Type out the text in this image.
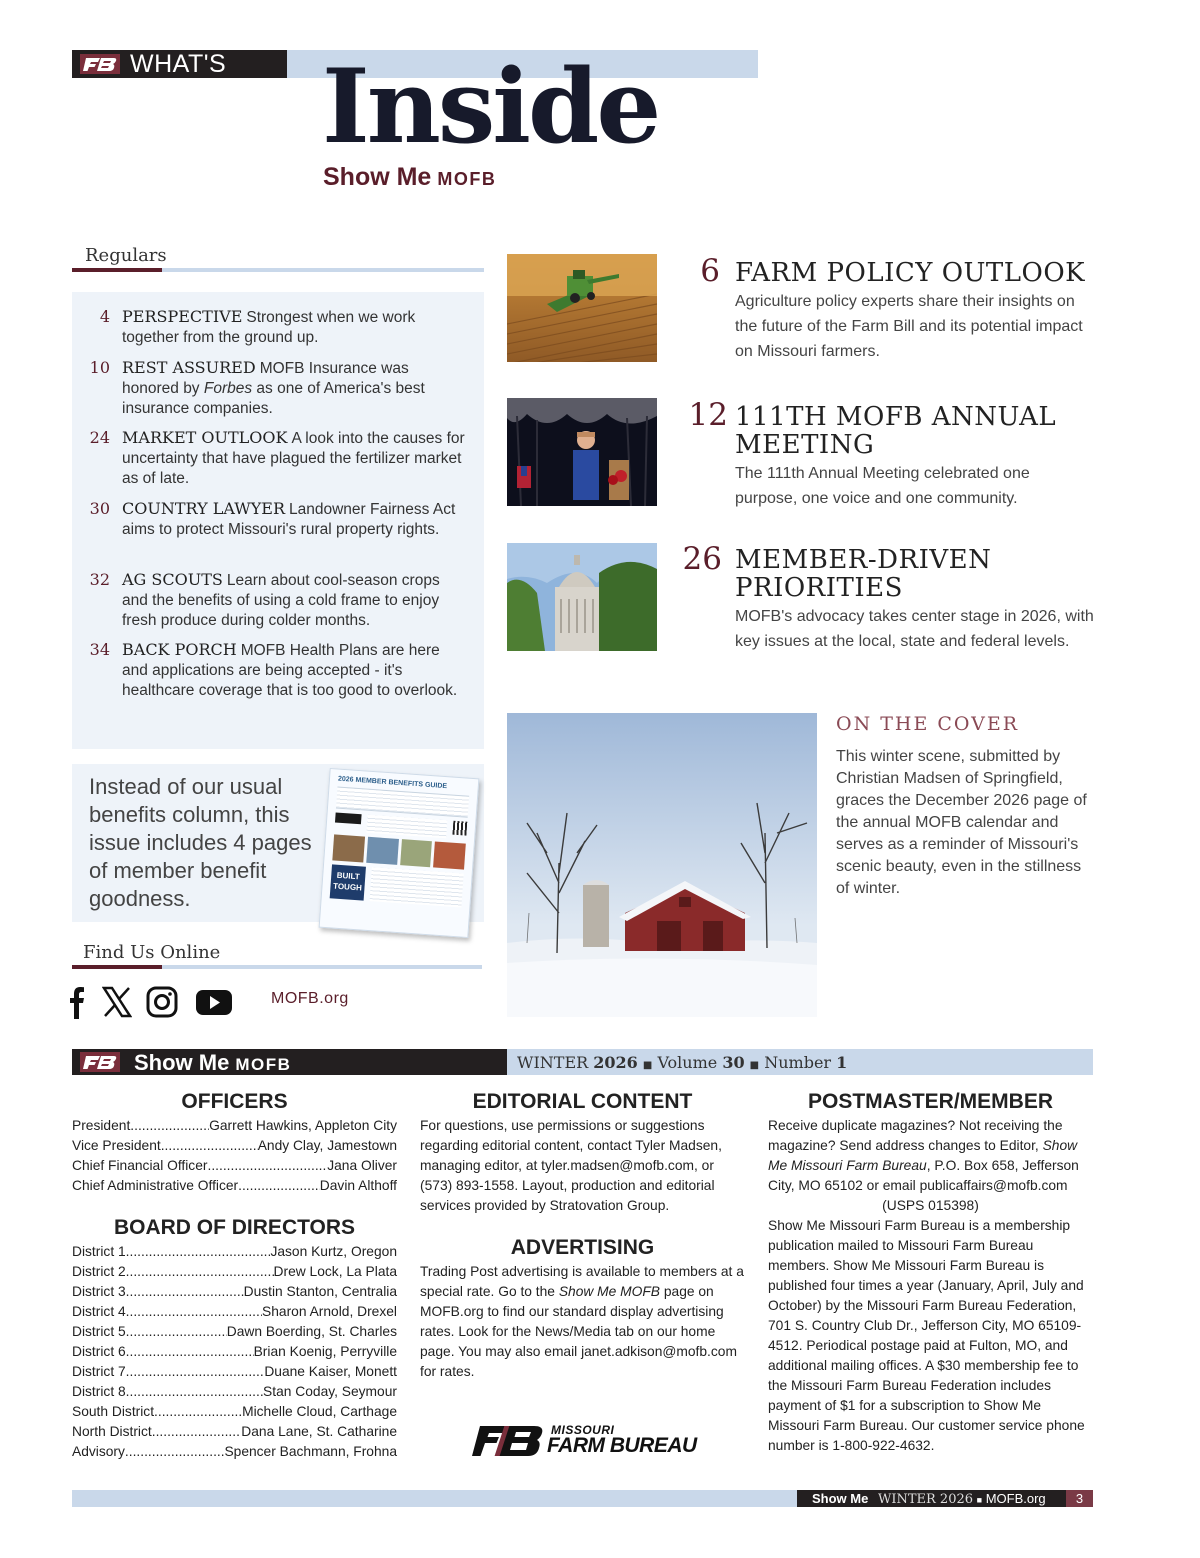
WHAT'S Inside
Show Me MOFB
Regulars
4 PERSPECTIVE Strongest when we work together from the ground up.
10 REST ASSURED MOFB Insurance was honored by Forbes as one of America's best insurance companies.
24 MARKET OUTLOOK A look into the causes for uncertainty that have plagued the fertilizer market as of late.
30 COUNTRY LAWYER Landowner Fairness Act aims to protect Missouri's rural property rights.
32 AG SCOUTS Learn about cool-season crops and the benefits of using a cold frame to enjoy fresh produce during colder months.
34 BACK PORCH MOFB Health Plans are here and applications are being accepted - it's healthcare coverage that is too good to overlook.
Instead of our usual benefits column, this issue includes 4 pages of member benefit goodness.
2026 MEMBER BENEFITS GUIDE
BUILT
TOUGH
Find Us Online
MOFB.org
6 FARM POLICY OUTLOOK
Agriculture policy experts share their insights on the future of the Farm Bill and its potential impact on Missouri farmers.
12 111TH MOFB ANNUAL MEETING
The 111th Annual Meeting celebrated one purpose, one voice and one community.
26 MEMBER-DRIVEN PRIORITIES
MOFB's advocacy takes center stage in 2026, with key issues at the local, state and federal levels.
ON THE COVER
This winter scene, submitted by Christian Madsen of Springfield, graces the December 2026 page of the annual MOFB calendar and serves as a reminder of Missouri's scenic beauty, even in the stillness of winter.
Show Me MOFB	WINTER 2026 ■ Volume 30 ■ Number 1
OFFICERS
President .....	Garrett Hawkins, Appleton City
Vice President .....	Andy Clay, Jamestown
Chief Financial Officer .....	Jana Oliver
Chief Administrative Officer .....	Davin Althoff
BOARD OF DIRECTORS
District 1 .....	Jason Kurtz, Oregon
District 2 .....	Drew Lock, La Plata
District 3 .....	Dustin Stanton, Centralia
District 4 .....	Sharon Arnold, Drexel
District 5 .....	Dawn Boerding, St. Charles
District 6 .....	Brian Koenig, Perryville
District 7 .....	Duane Kaiser, Monett
District 8 .....	Stan Coday, Seymour
South District .....	Michelle Cloud, Carthage
North District .....	Dana Lane, St. Catharine
Advisory .....	Spencer Bachmann, Frohna
EDITORIAL CONTENT
For questions, use permissions or suggestions regarding editorial content, contact Tyler Madsen, managing editor, at tyler.madsen@mofb.com, or (573) 893-1558. Layout, production and editorial services provided by Stratovation Group.
ADVERTISING
Trading Post advertising is available to members at a special rate. Go to the Show Me MOFB page on MOFB.org to find our standard display advertising rates. Look for the News/Media tab on our home page. You may also email janet.adkison@mofb.com for rates.
MISSOURI
FARM BUREAU
POSTMASTER/MEMBER
Receive duplicate magazines? Not receiving the magazine? Send address changes to Editor, Show Me Missouri Farm Bureau, P.O. Box 658, Jefferson City, MO 65102 or email publicaffairs@mofb.com
(USPS 015398)
Show Me Missouri Farm Bureau is a membership publication mailed to Missouri Farm Bureau members. Show Me Missouri Farm Bureau is published four times a year (January, April, July and October) by the Missouri Farm Bureau Federation, 701 S. Country Club Dr., Jefferson City, MO 65109-4512. Periodical postage paid at Fulton, MO, and additional mailing offices. A $30 membership fee to the Missouri Farm Bureau Federation includes payment of $1 for a subscription to Show Me Missouri Farm Bureau. Our customer service phone number is 1-800-922-4632.
Show Me WINTER 2026 ■ MOFB.org	3
